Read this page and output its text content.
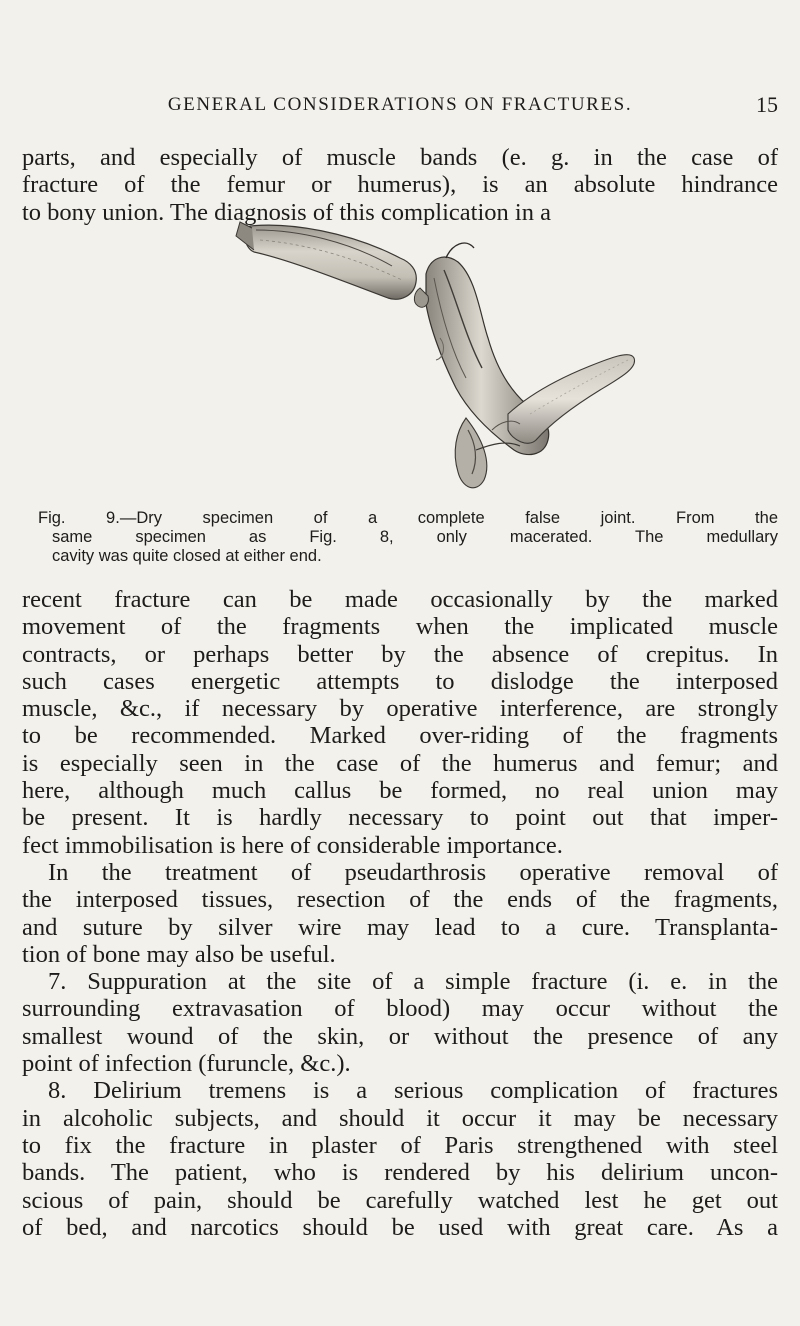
GENERAL CONSIDERATIONS ON FRACTURES.	15

parts, and especially of muscle bands (e. g. in the case of
fracture of the femur or humerus), is an absolute hindrance
to bony union. The diagnosis of this complication in a

Fig. 9.—Dry specimen of a complete false joint. From the
same specimen as Fig. 8, only macerated. The medullary
cavity was quite closed at either end.

recent fracture can be made occasionally by the marked
movement of the fragments when the implicated muscle
contracts, or perhaps better by the absence of crepitus. In
such cases energetic attempts to dislodge the interposed
muscle, &c., if necessary by operative interference, are strongly
to be recommended. Marked over-riding of the fragments
is especially seen in the case of the humerus and femur; and
here, although much callus be formed, no real union may
be present. It is hardly necessary to point out that imper-
fect immobilisation is here of considerable importance.
In the treatment of pseudarthrosis operative removal of
the interposed tissues, resection of the ends of the fragments,
and suture by silver wire may lead to a cure. Transplanta-
tion of bone may also be useful.
7. Suppuration at the site of a simple fracture (i. e. in the
surrounding extravasation of blood) may occur without the
smallest wound of the skin, or without the presence of any
point of infection (furuncle, &c.).
8. Delirium tremens is a serious complication of fractures
in alcoholic subjects, and should it occur it may be necessary
to fix the fracture in plaster of Paris strengthened with steel
bands. The patient, who is rendered by his delirium uncon-
scious of pain, should be carefully watched lest he get out
of bed, and narcotics should be used with great care. As a
